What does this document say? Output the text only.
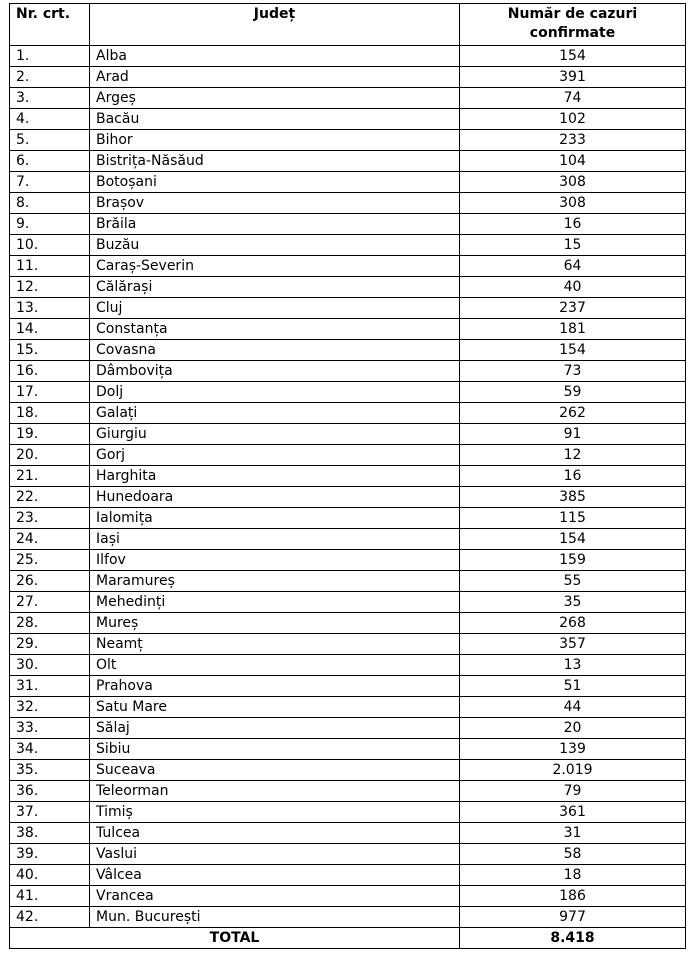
Nr. crt.	Județ	Număr de cazuri confirmate
1.	Alba	154
2.	Arad	391
3.	Argeș	74
4.	Bacău	102
5.	Bihor	233
6.	Bistrița-Năsăud	104
7.	Botoșani	308
8.	Brașov	308
9.	Brăila	16
10.	Buzău	15
11.	Caraș-Severin	64
12.	Călărași	40
13.	Cluj	237
14.	Constanța	181
15.	Covasna	154
16.	Dâmbovița	73
17.	Dolj	59
18.	Galați	262
19.	Giurgiu	91
20.	Gorj	12
21.	Harghita	16
22.	Hunedoara	385
23.	Ialomița	115
24.	Iași	154
25.	Ilfov	159
26.	Maramureș	55
27.	Mehedinți	35
28.	Mureș	268
29.	Neamț	357
30.	Olt	13
31.	Prahova	51
32.	Satu Mare	44
33.	Sălaj	20
34.	Sibiu	139
35.	Suceava	2.019
36.	Teleorman	79
37.	Timiș	361
38.	Tulcea	31
39.	Vaslui	58
40.	Vâlcea	18
41.	Vrancea	186
42.	Mun. București	977
TOTAL		8.418
